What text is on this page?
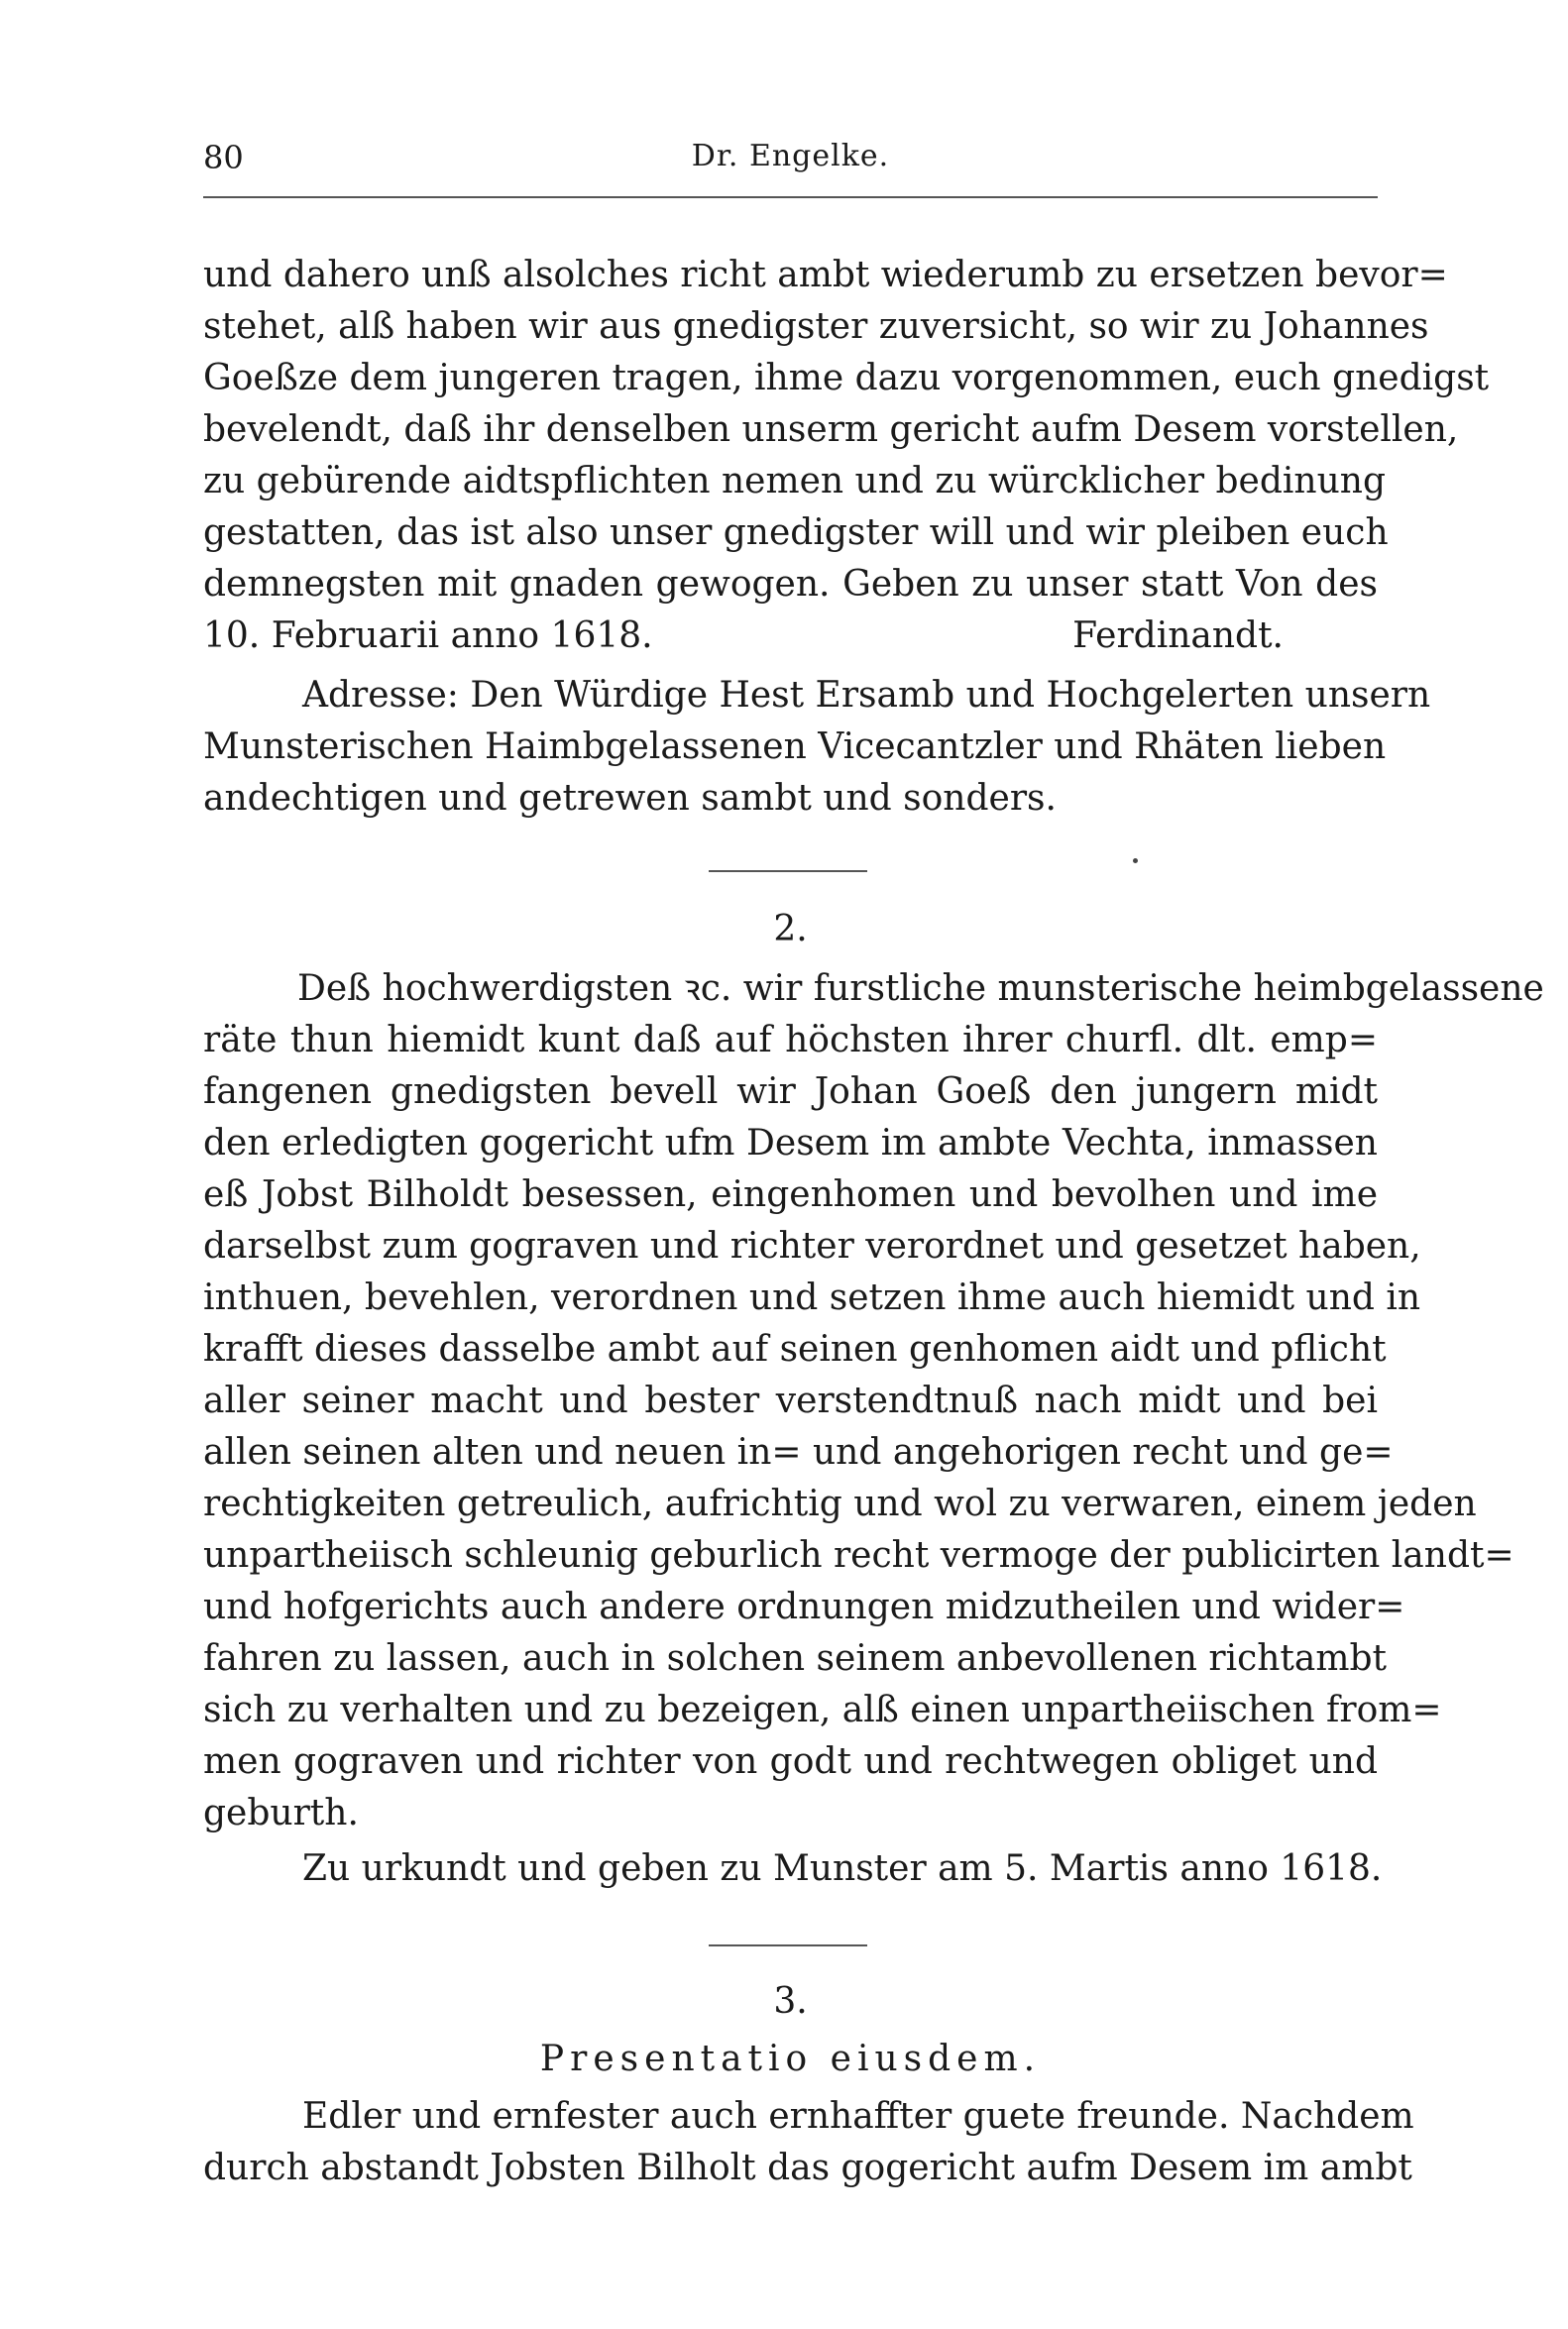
80	Dr. Engelke.
und dahero unß alsolches richt ambt wiederumb zu ersetzen bevor=
stehet, alß haben wir aus gnedigster zuversicht, so wir zu Johannes
Goeßze dem jungeren tragen, ihme dazu vorgenommen, euch gnedigst
bevelendt, daß ihr denselben unserm gericht aufm Desem vorstellen,
zu gebürende aidtspflichten nemen und zu würcklicher bedinung
gestatten, das ist also unser gnedigster will und wir pleiben euch
demnegsten mit gnaden gewogen. Geben zu unser statt Von des
10. Februarii anno 1618.	Ferdinandt.
Adresse: Den Würdige Hest Ersamb und Hochgelerten unsern
Munsterischen Haimbgelassenen Vicecantzler und Rhäten lieben
andechtigen und getrewen sambt und sonders.
2.
Deß hochwerdigsten ꝛc. wir furstliche munsterische heimbgelassene
räte thun hiemidt kunt daß auf höchsten ihrer churfl. dlt. emp=
fangenen gnedigsten bevell wir Johan Goeß den jungern midt
den erledigten gogericht ufm Desem im ambte Vechta, inmassen
eß Jobst Bilholdt besessen, eingenhomen und bevolhen und ime
darselbst zum gograven und richter verordnet und gesetzet haben,
inthuen, bevehlen, verordnen und setzen ihme auch hiemidt und in
krafft dieses dasselbe ambt auf seinen genhomen aidt und pflicht
aller seiner macht und bester verstendtnuß nach midt und bei
allen seinen alten und neuen in= und angehorigen recht und ge=
rechtigkeiten getreulich, aufrichtig und wol zu verwaren, einem jeden
unpartheiisch schleunig geburlich recht vermoge der publicirten landt=
und hofgerichts auch andere ordnungen midzutheilen und wider=
fahren zu lassen, auch in solchen seinem anbevollenen richtambt
sich zu verhalten und zu bezeigen, alß einen unpartheiischen from=
men gograven und richter von godt und rechtwegen obliget und
geburth.
Zu urkundt und geben zu Munster am 5. Martis anno 1618.
3.
Presentatio eiusdem.
Edler und ernfester auch ernhaffter guete freunde. Nachdem
durch abstandt Jobsten Bilholt das gogericht aufm Desem im ambt
